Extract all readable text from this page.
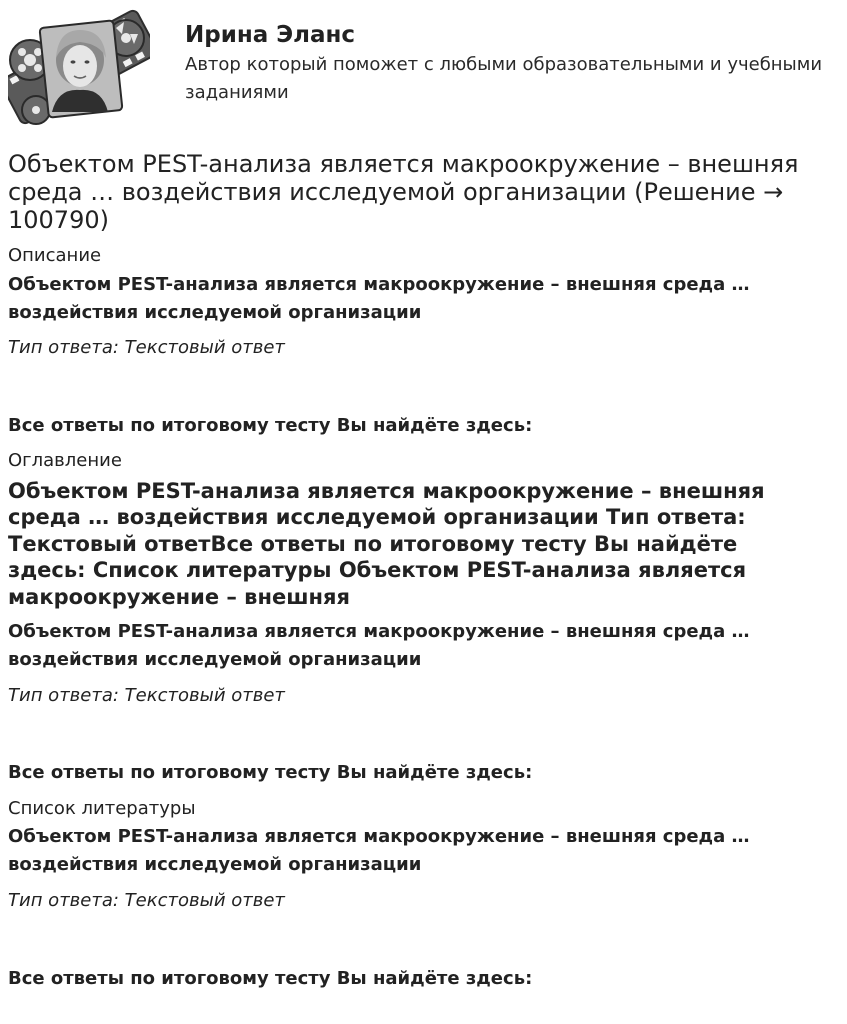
Ирина Эланс
Автор который поможет с любыми образовательными и учебными заданиями
Объектом PEST-анализа является макроокружение – внешняя среда … воздействия исследуемой организации (Решение → 100790)
Описание

Объектом PEST-анализа является макроокружение – внешняя среда … воздействия исследуемой организации

Тип ответа: Текстовый ответ

Все ответы по итоговому тесту Вы найдёте здесь:

Оглавление
Объектом PEST-анализа является макроокружение – внешняя среда … воздействия исследуемой организации Тип ответа: Текстовый ответВсе ответы по итоговому тесту Вы найдёте здесь: Список литературы Объектом PEST-анализа является макроокружение – внешняя

Объектом PEST-анализа является макроокружение – внешняя среда … воздействия исследуемой организации

Тип ответа: Текстовый ответ

Все ответы по итоговому тесту Вы найдёте здесь:

Список литературы

Объектом PEST-анализа является макроокружение – внешняя среда … воздействия исследуемой организации

Тип ответа: Текстовый ответ

Все ответы по итоговому тесту Вы найдёте здесь:
